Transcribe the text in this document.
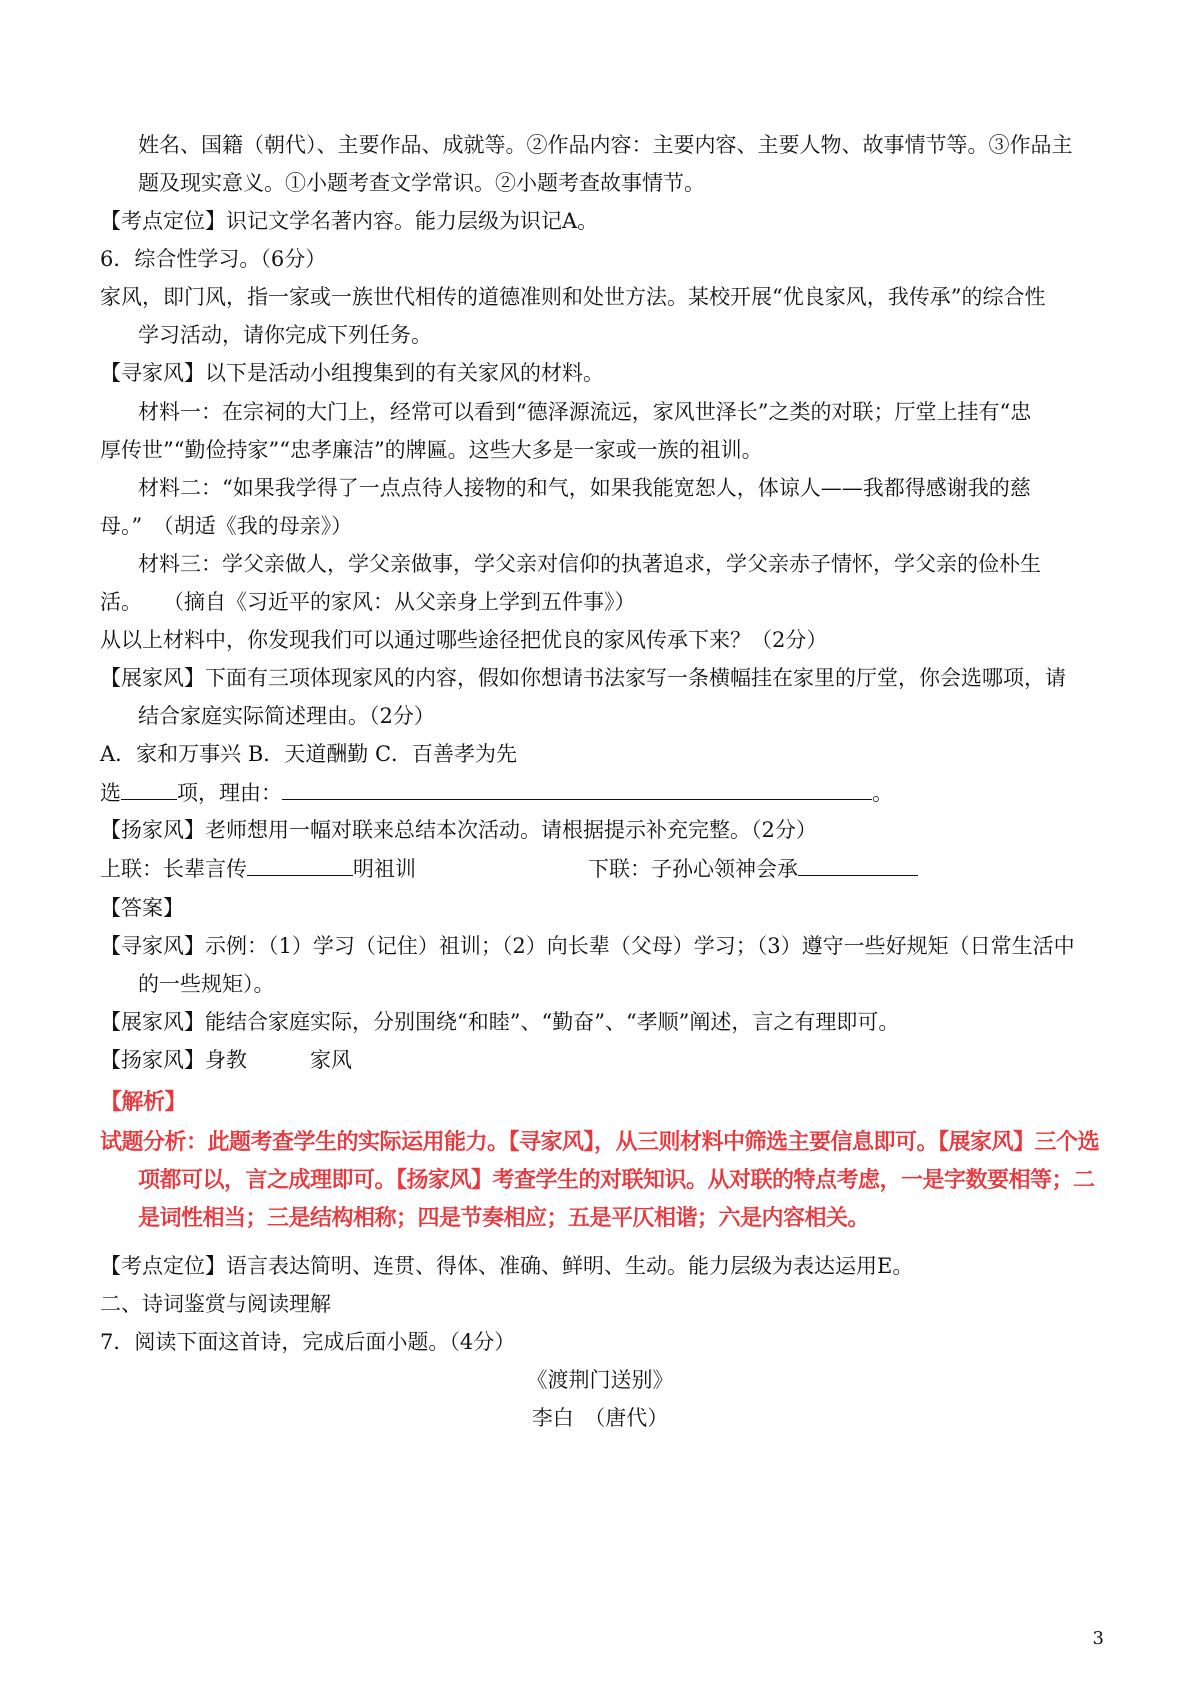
姓名、国籍（朝代）、主要作品、成就等。②作品内容：主要内容、主要人物、故事情节等。③作品主
题及现实意义。①小题考查文学常识。②小题考查故事情节。
【考点定位】识记文学名著内容。能力层级为识记A。
6．综合性学习。（6分）
家风，即门风，指一家或一族世代相传的道德准则和处世方法。某校开展“优良家风，我传承”的综合性
学习活动，请你完成下列任务。
【寻家风】以下是活动小组搜集到的有关家风的材料。
材料一：在宗祠的大门上，经常可以看到“德泽源流远，家风世泽长”之类的对联；厅堂上挂有“忠
厚传世”“勤俭持家”“忠孝廉洁”的牌匾。这些大多是一家或一族的祖训。
材料二：“如果我学得了一点点待人接物的和气，如果我能宽恕人，体谅人——我都得感谢我的慈
母。”　（胡适《我的母亲》）
材料三：学父亲做人，学父亲做事，学父亲对信仰的执著追求，学父亲赤子情怀，学父亲的俭朴生
活。　　（摘自《习近平的家风：从父亲身上学到五件事》）
从以上材料中，你发现我们可以通过哪些途径把优良的家风传承下来？（2分）
【展家风】下面有三项体现家风的内容，假如你想请书法家写一条横幅挂在家里的厅堂，你会选哪项，请
结合家庭实际简述理由。（2分）
A．家和万事兴 B．天道酬勤 C．百善孝为先
选	项，理由：	。
【扬家风】老师想用一幅对联来总结本次活动。请根据提示补充完整。（2分）
上联：长辈言传	明祖训	下联：子孙心领神会承
【答案】
【寻家风】示例：（1）学习（记住）祖训；（2）向长辈（父母）学习；（3）遵守一些好规矩（日常生活中
的一些规矩）。
【展家风】能结合家庭实际，分别围绕“和睦”、“勤奋”、“孝顺”阐述，言之有理即可。
【扬家风】身教　　　家风
【解析】
试题分析：此题考查学生的实际运用能力。【寻家风】，从三则材料中筛选主要信息即可。【展家风】三个选
项都可以，言之成理即可。【扬家风】考查学生的对联知识。从对联的特点考虑，一是字数要相等；二
是词性相当；三是结构相称；四是节奏相应；五是平仄相谐；六是内容相关。
【考点定位】语言表达简明、连贯、得体、准确、鲜明、生动。能力层级为表达运用E。
二、诗词鉴赏与阅读理解
7．阅读下面这首诗，完成后面小题。（4分）
《渡荆门送别》
李白　（唐代）
3
